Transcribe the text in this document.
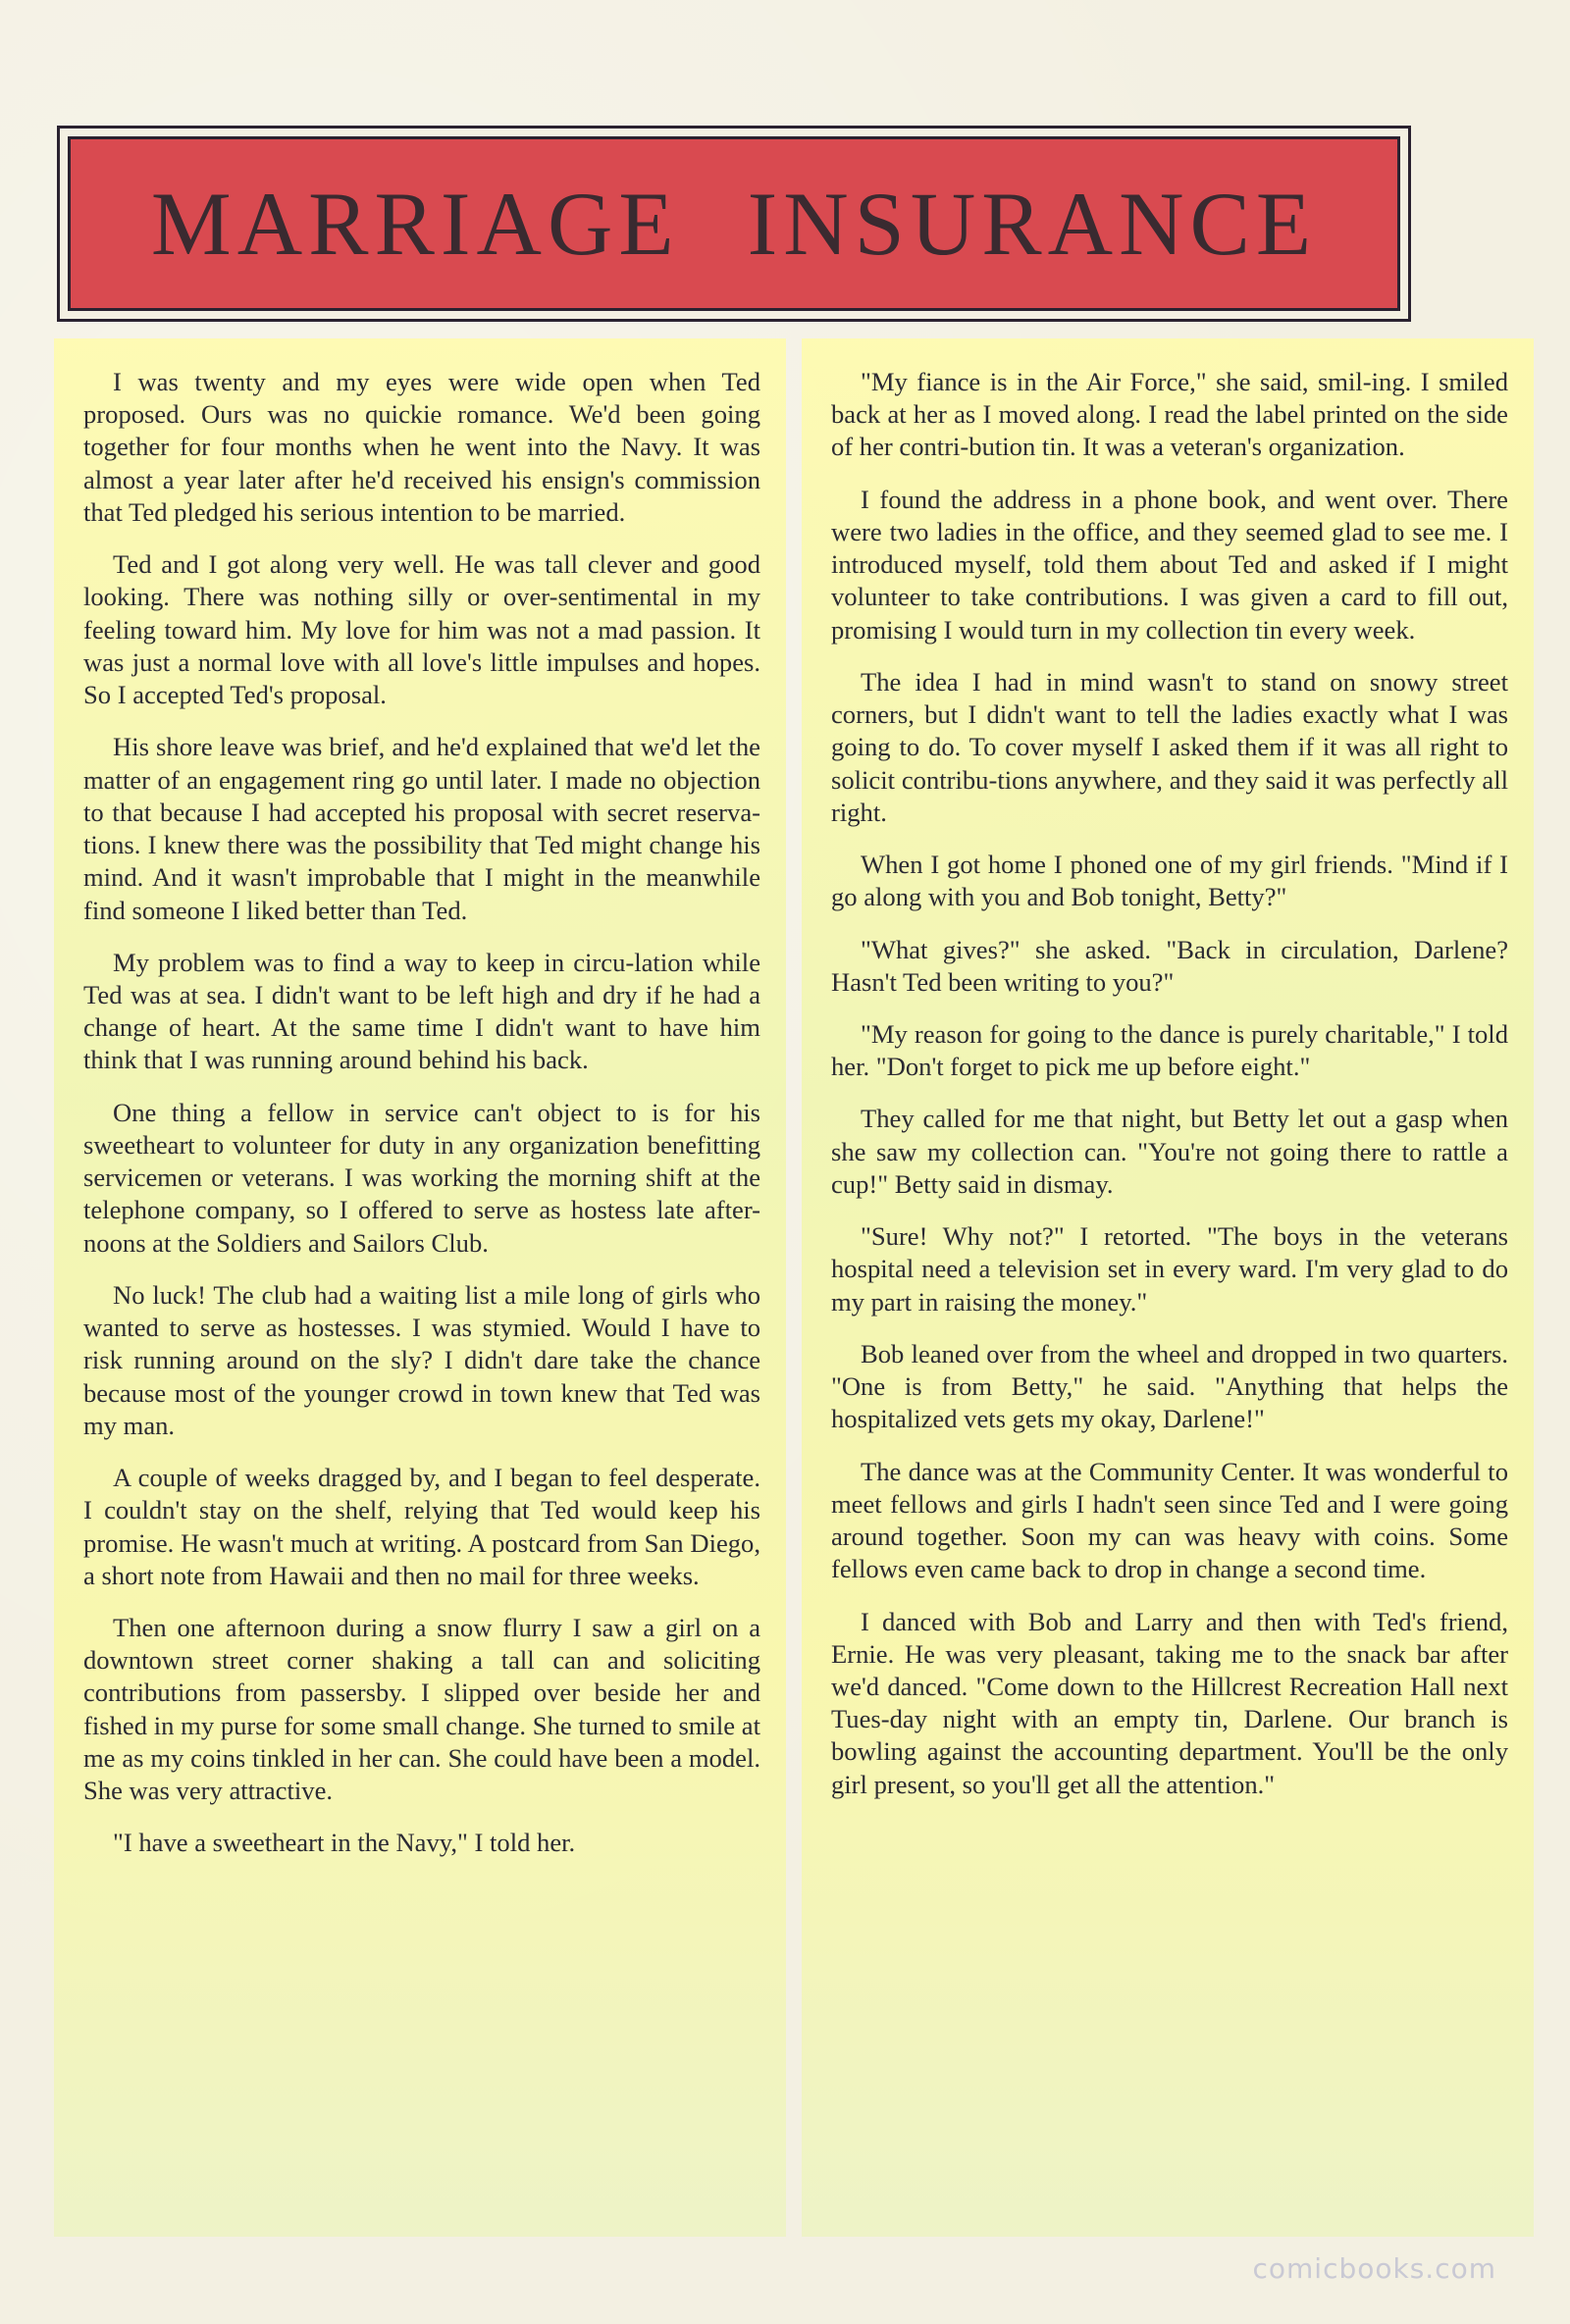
MARRIAGE INSURANCE

I was twenty and my eyes were wide open when Ted proposed. Ours was no quickie romance. We'd been going together for four months when he went into the Navy. It was almost a year later after he'd received his ensign's commission that Ted pledged his serious intention to be married.

Ted and I got along very well. He was tall clever and good looking. There was nothing silly or over-sentimental in my feeling toward him. My love for him was not a mad passion. It was just a normal love with all love's little impulses and hopes. So I accepted Ted's proposal.

His shore leave was brief, and he'd explained that we'd let the matter of an engagement ring go until later. I made no objection to that because I had accepted his proposal with secret reserva-tions. I knew there was the possibility that Ted might change his mind. And it wasn't improbable that I might in the meanwhile find someone I liked better than Ted.

My problem was to find a way to keep in circu-lation while Ted was at sea. I didn't want to be left high and dry if he had a change of heart. At the same time I didn't want to have him think that I was running around behind his back.

One thing a fellow in service can't object to is for his sweetheart to volunteer for duty in any organization benefitting servicemen or veterans. I was working the morning shift at the telephone company, so I offered to serve as hostess late after-noons at the Soldiers and Sailors Club.

No luck! The club had a waiting list a mile long of girls who wanted to serve as hostesses. I was stymied. Would I have to risk running around on the sly? I didn't dare take the chance because most of the younger crowd in town knew that Ted was my man.

A couple of weeks dragged by, and I began to feel desperate. I couldn't stay on the shelf, relying that Ted would keep his promise. He wasn't much at writing. A postcard from San Diego, a short note from Hawaii and then no mail for three weeks.

Then one afternoon during a snow flurry I saw a girl on a downtown street corner shaking a tall can and soliciting contributions from passersby. I slipped over beside her and fished in my purse for some small change. She turned to smile at me as my coins tinkled in her can. She could have been a model. She was very attractive.

"I have a sweetheart in the Navy," I told her.

"My fiance is in the Air Force," she said, smil-ing. I smiled back at her as I moved along. I read the label printed on the side of her contri-bution tin. It was a veteran's organization.

I found the address in a phone book, and went over. There were two ladies in the office, and they seemed glad to see me. I introduced myself, told them about Ted and asked if I might volunteer to take contributions. I was given a card to fill out, promising I would turn in my collection tin every week.

The idea I had in mind wasn't to stand on snowy street corners, but I didn't want to tell the ladies exactly what I was going to do. To cover myself I asked them if it was all right to solicit contribu-tions anywhere, and they said it was perfectly all right.

When I got home I phoned one of my girl friends. "Mind if I go along with you and Bob tonight, Betty?"

"What gives?" she asked. "Back in circulation, Darlene? Hasn't Ted been writing to you?"

"My reason for going to the dance is purely charitable," I told her. "Don't forget to pick me up before eight."

They called for me that night, but Betty let out a gasp when she saw my collection can. "You're not going there to rattle a cup!" Betty said in dismay.

"Sure! Why not?" I retorted. "The boys in the veterans hospital need a television set in every ward. I'm very glad to do my part in raising the money."

Bob leaned over from the wheel and dropped in two quarters. "One is from Betty," he said. "Anything that helps the hospitalized vets gets my okay, Darlene!"

The dance was at the Community Center. It was wonderful to meet fellows and girls I hadn't seen since Ted and I were going around together. Soon my can was heavy with coins. Some fellows even came back to drop in change a second time.

I danced with Bob and Larry and then with Ted's friend, Ernie. He was very pleasant, taking me to the snack bar after we'd danced. "Come down to the Hillcrest Recreation Hall next Tues-day night with an empty tin, Darlene. Our branch is bowling against the accounting department. You'll be the only girl present, so you'll get all the attention."

comicbooks.com
